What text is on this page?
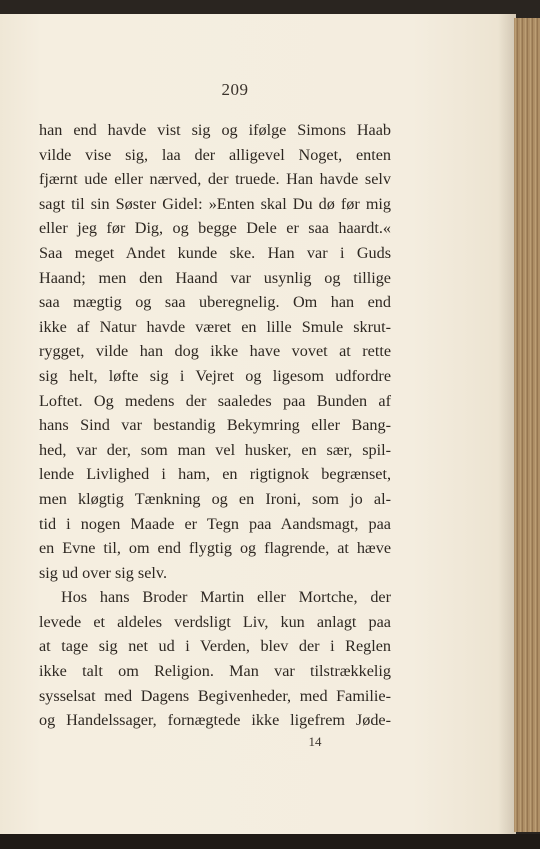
209
han end havde vist sig og ifølge Simons Haab
vilde vise sig, laa der alligevel Noget, enten
fjærnt ude eller nærved, der truede. Han havde selv
sagt til sin Søster Gidel: »Enten skal Du dø før mig
eller jeg før Dig, og begge Dele er saa haardt.«
Saa meget Andet kunde ske. Han var i Guds
Haand; men den Haand var usynlig og tillige
saa mægtig og saa uberegnelig. Om han end
ikke af Natur havde været en lille Smule skrut-
rygget, vilde han dog ikke have vovet at rette
sig helt, løfte sig i Vejret og ligesom udfordre
Loftet. Og medens der saaledes paa Bunden af
hans Sind var bestandig Bekymring eller Bang-
hed, var der, som man vel husker, en sær, spil-
lende Livlighed i ham, en rigtignok begrænset,
men kløgtig Tænkning og en Ironi, som jo al-
tid i nogen Maade er Tegn paa Aandsmagt, paa
en Evne til, om end flygtig og flagrende, at hæve
sig ud over sig selv.
Hos hans Broder Martin eller Mortche, der
levede et aldeles verdsligt Liv, kun anlagt paa
at tage sig net ud i Verden, blev der i Reglen
ikke talt om Religion. Man var tilstrækkelig
sysselsat med Dagens Begivenheder, med Familie-
og Handelssager, fornægtede ikke ligefrem Jøde-
14
